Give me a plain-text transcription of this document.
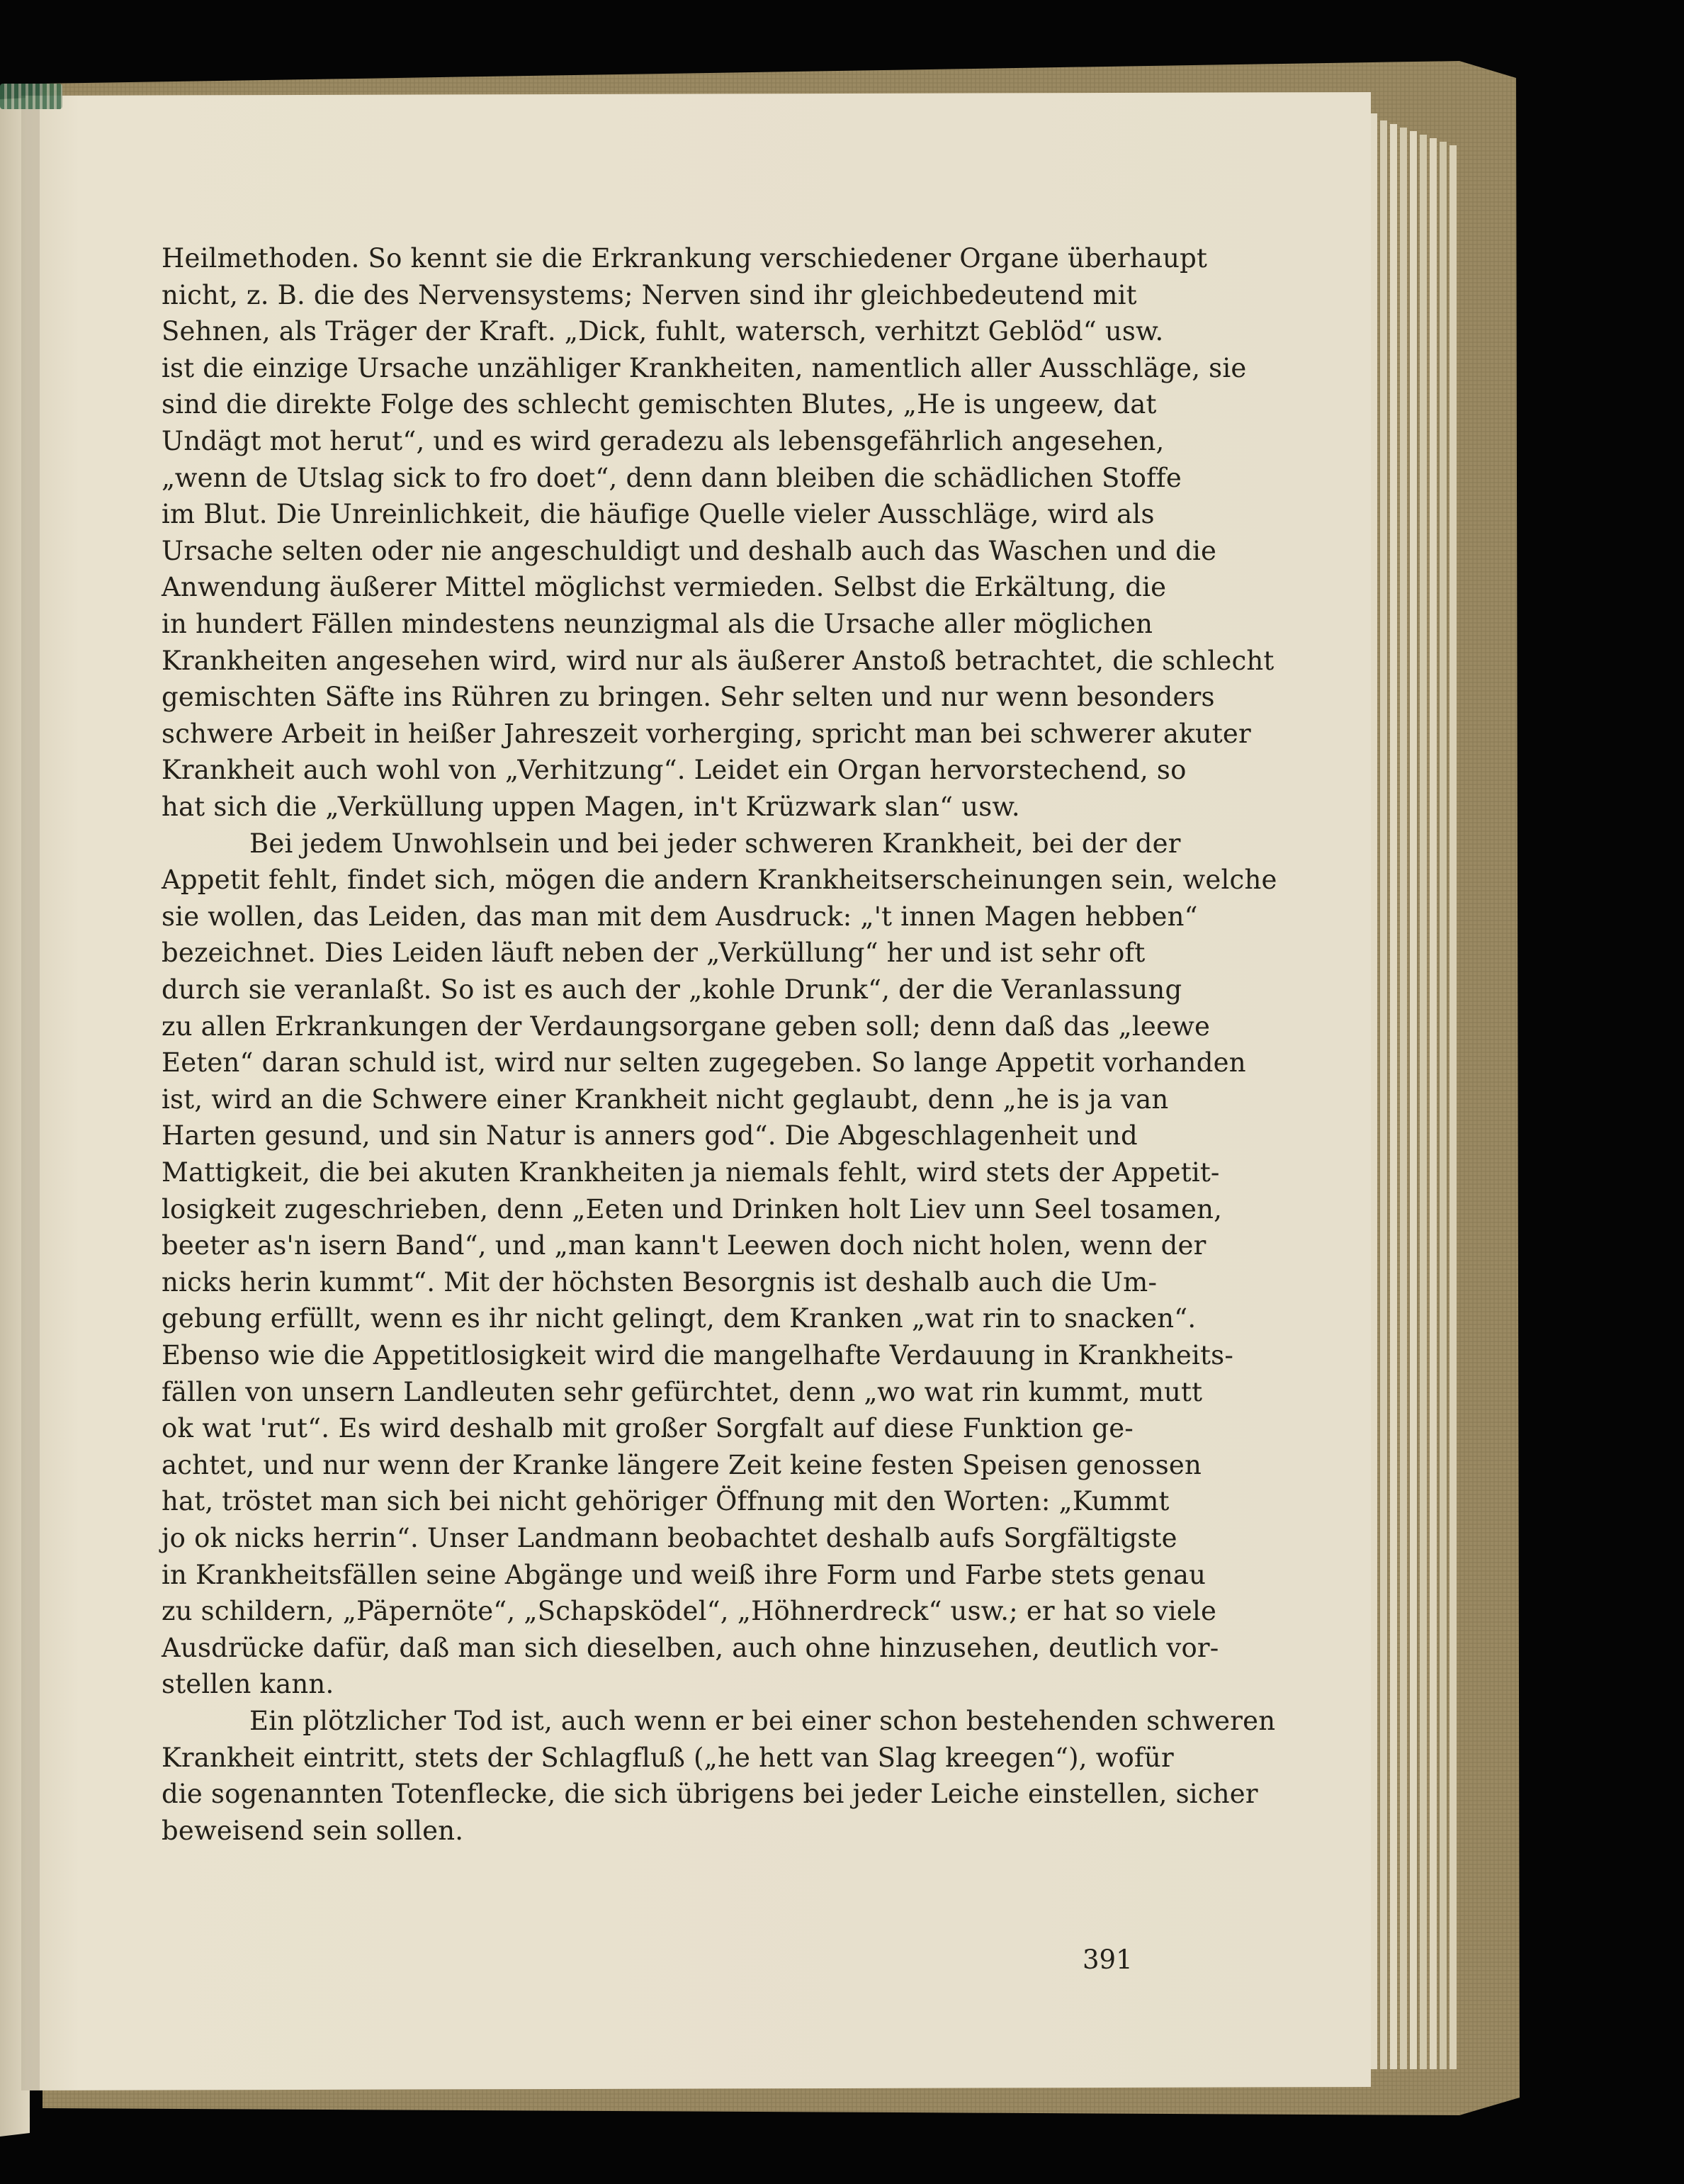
Heilmethoden. So kennt sie die Erkrankung verschiedener Organe überhaupt
nicht, z. B. die des Nervensystems; Nerven sind ihr gleichbedeutend mit
Sehnen, als Träger der Kraft. „Dick, fuhlt, watersch, verhitzt Geblöd“ usw.
ist die einzige Ursache unzähliger Krankheiten, namentlich aller Ausschläge, sie
sind die direkte Folge des schlecht gemischten Blutes, „He is ungeew, dat
Undägt mot herut“, und es wird geradezu als lebensgefährlich angesehen,
„wenn de Utslag sick to fro doet“, denn dann bleiben die schädlichen Stoffe
im Blut. Die Unreinlichkeit, die häufige Quelle vieler Ausschläge, wird als
Ursache selten oder nie angeschuldigt und deshalb auch das Waschen und die
Anwendung äußerer Mittel möglichst vermieden. Selbst die Erkältung, die
in hundert Fällen mindestens neunzigmal als die Ursache aller möglichen
Krankheiten angesehen wird, wird nur als äußerer Anstoß betrachtet, die schlecht
gemischten Säfte ins Rühren zu bringen. Sehr selten und nur wenn besonders
schwere Arbeit in heißer Jahreszeit vorherging, spricht man bei schwerer akuter
Krankheit auch wohl von „Verhitzung“. Leidet ein Organ hervorstechend, so
hat sich die „Verküllung uppen Magen, in't Krüzwark slan“ usw.
Bei jedem Unwohlsein und bei jeder schweren Krankheit, bei der der
Appetit fehlt, findet sich, mögen die andern Krankheitserscheinungen sein, welche
sie wollen, das Leiden, das man mit dem Ausdruck: „'t innen Magen hebben“
bezeichnet. Dies Leiden läuft neben der „Verküllung“ her und ist sehr oft
durch sie veranlaßt. So ist es auch der „kohle Drunk“, der die Veranlassung
zu allen Erkrankungen der Verdaungsorgane geben soll; denn daß das „leewe
Eeten“ daran schuld ist, wird nur selten zugegeben. So lange Appetit vorhanden
ist, wird an die Schwere einer Krankheit nicht geglaubt, denn „he is ja van
Harten gesund, und sin Natur is anners god“. Die Abgeschlagenheit und
Mattigkeit, die bei akuten Krankheiten ja niemals fehlt, wird stets der Appetit-
losigkeit zugeschrieben, denn „Eeten und Drinken holt Liev unn Seel tosamen,
beeter as'n isern Band“, und „man kann't Leewen doch nicht holen, wenn der
nicks herin kummt“. Mit der höchsten Besorgnis ist deshalb auch die Um-
gebung erfüllt, wenn es ihr nicht gelingt, dem Kranken „wat rin to snacken“.
Ebenso wie die Appetitlosigkeit wird die mangelhafte Verdauung in Krankheits-
fällen von unsern Landleuten sehr gefürchtet, denn „wo wat rin kummt, mutt
ok wat 'rut“. Es wird deshalb mit großer Sorgfalt auf diese Funktion ge-
achtet, und nur wenn der Kranke längere Zeit keine festen Speisen genossen
hat, tröstet man sich bei nicht gehöriger Öffnung mit den Worten: „Kummt
jo ok nicks herrin“. Unser Landmann beobachtet deshalb aufs Sorgfältigste
in Krankheitsfällen seine Abgänge und weiß ihre Form und Farbe stets genau
zu schildern, „Päpernöte“, „Schapsködel“, „Höhnerdreck“ usw.; er hat so viele
Ausdrücke dafür, daß man sich dieselben, auch ohne hinzusehen, deutlich vor-
stellen kann.
Ein plötzlicher Tod ist, auch wenn er bei einer schon bestehenden schweren
Krankheit eintritt, stets der Schlagfluß („he hett van Slag kreegen“), wofür
die sogenannten Totenflecke, die sich übrigens bei jeder Leiche einstellen, sicher
beweisend sein sollen.
391
